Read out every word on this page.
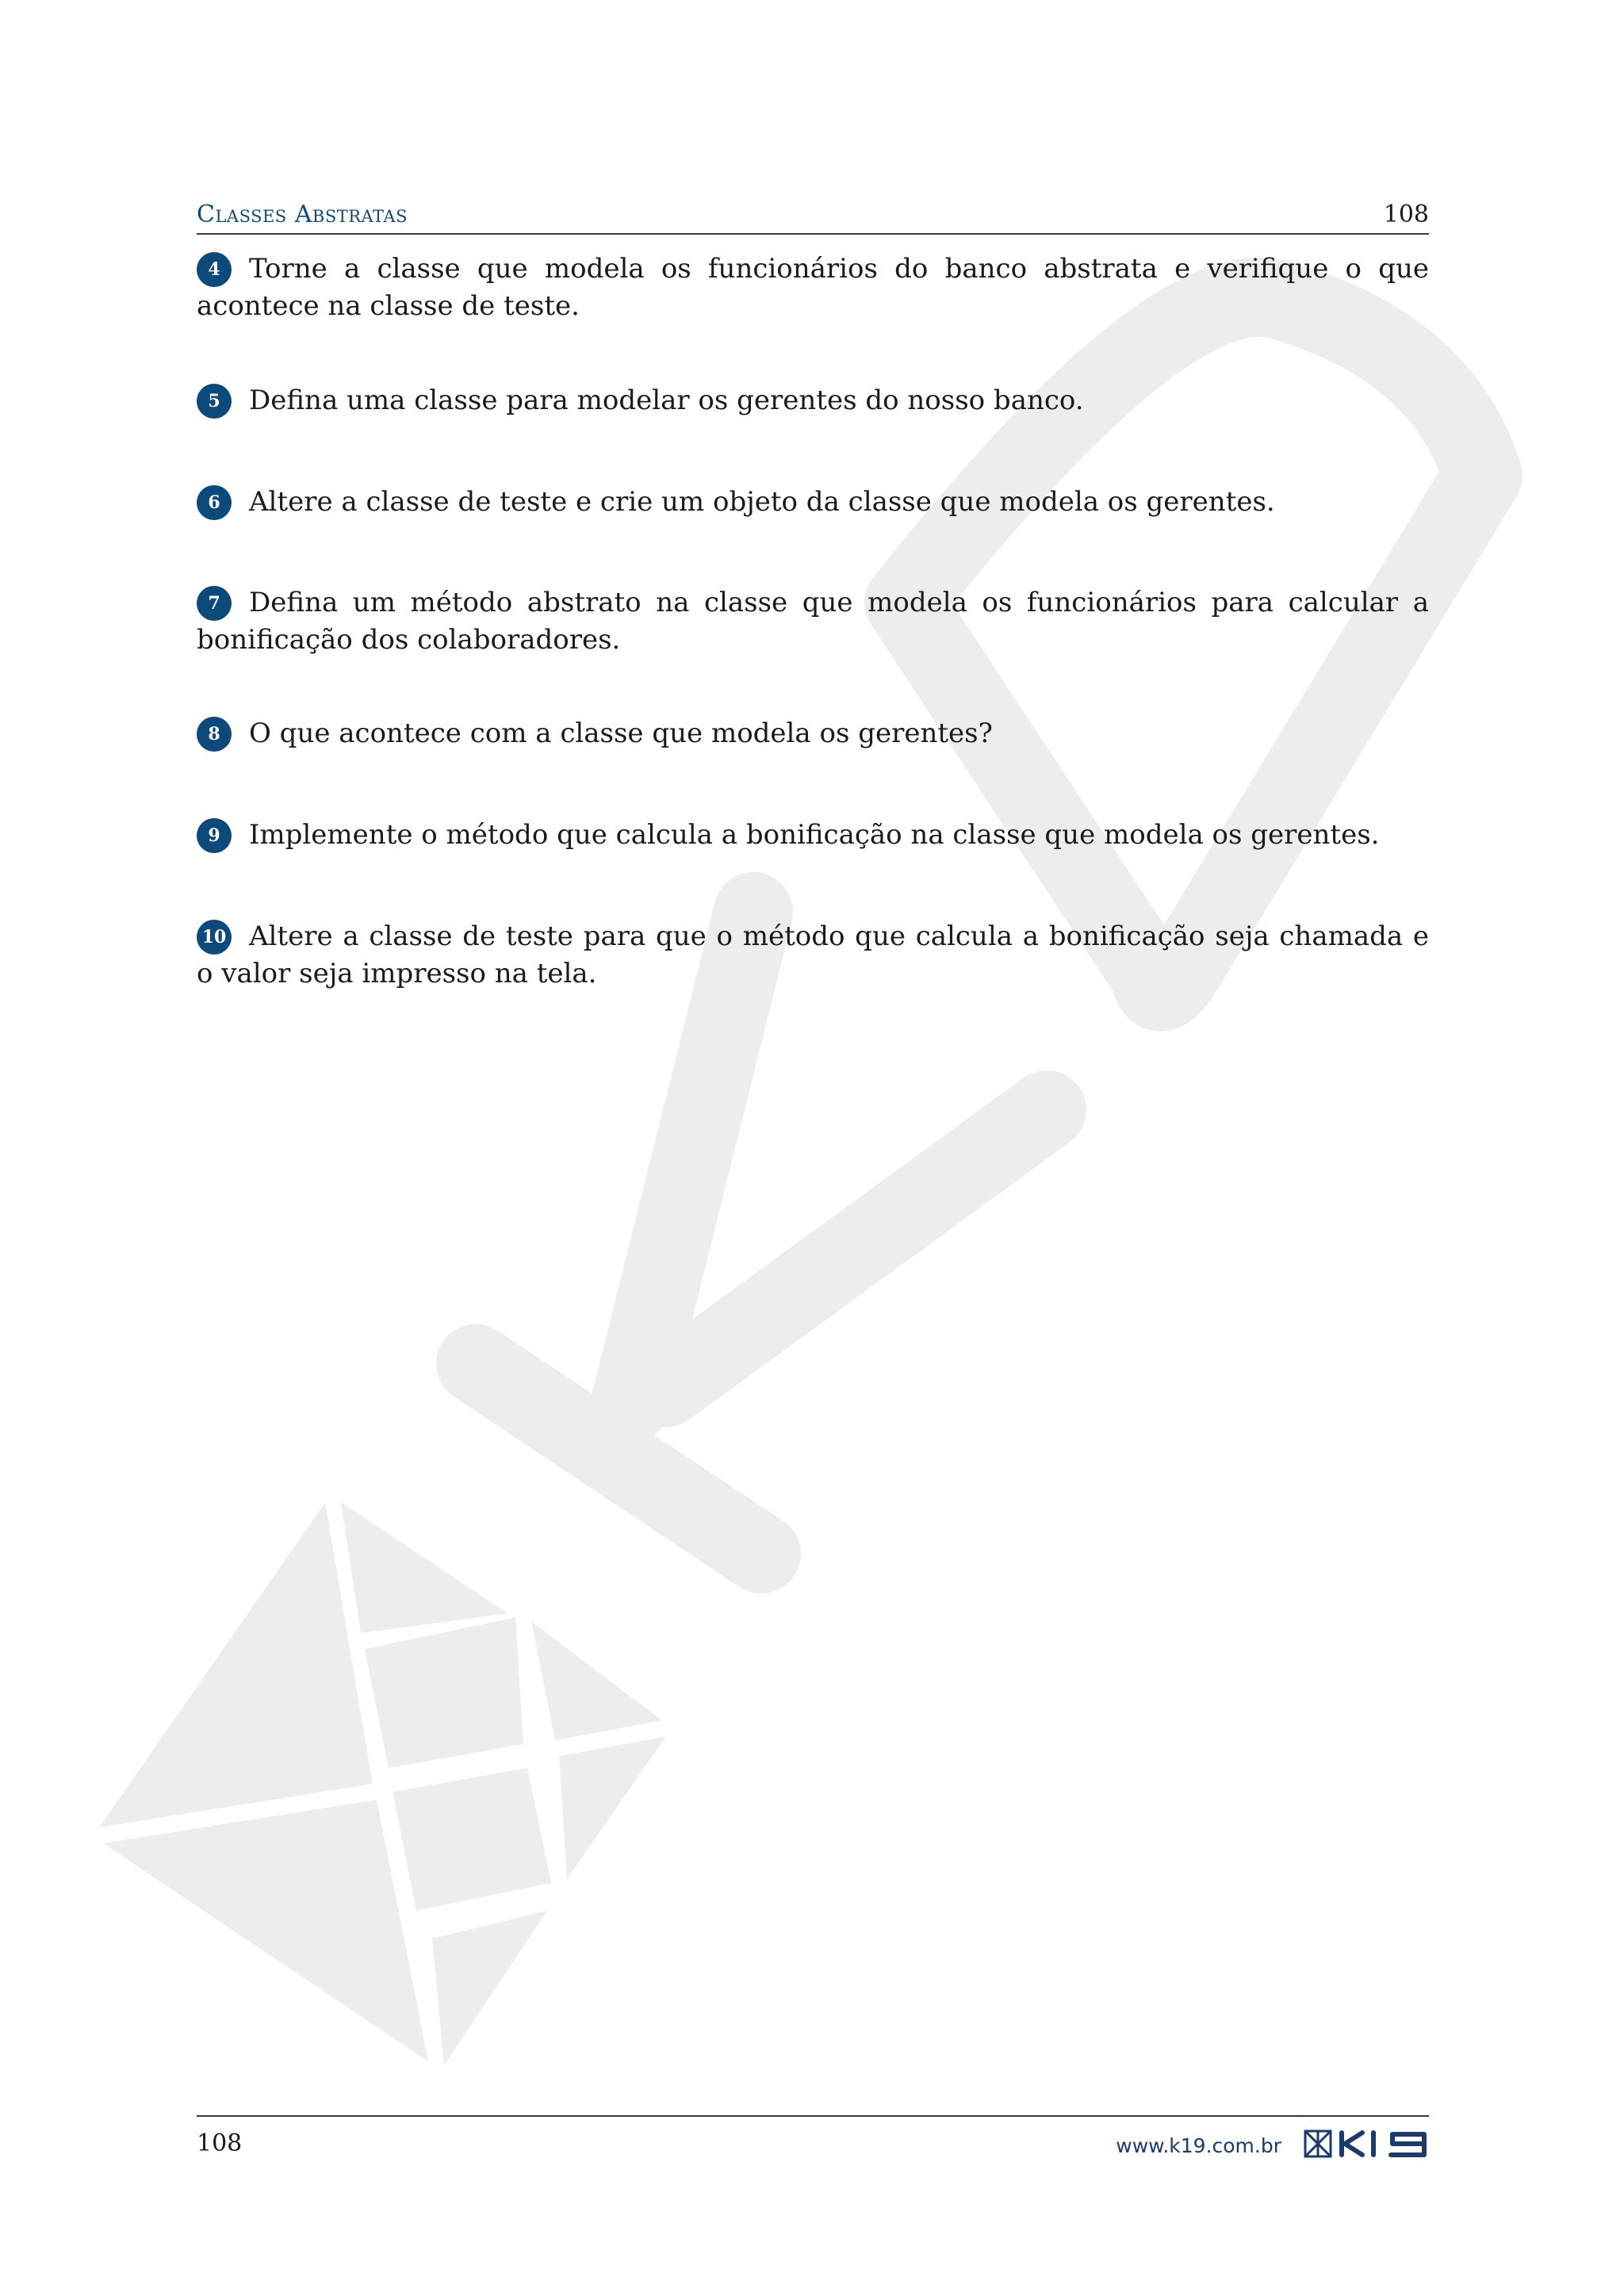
Classes Abstratas	108
4 Torne a classe que modela os funcionários do banco abstrata e verifique o que acontece na classe de teste.
5 Defina uma classe para modelar os gerentes do nosso banco.
6 Altere a classe de teste e crie um objeto da classe que modela os gerentes.
7 Defina um método abstrato na classe que modela os funcionários para calcular a bonificação dos colaboradores.
8 O que acontece com a classe que modela os gerentes?
9 Implemente o método que calcula a bonificação na classe que modela os gerentes.
10 Altere a classe de teste para que o método que calcula a bonificação seja chamada e o valor seja impresso na tela.
108	www.k19.com.br
